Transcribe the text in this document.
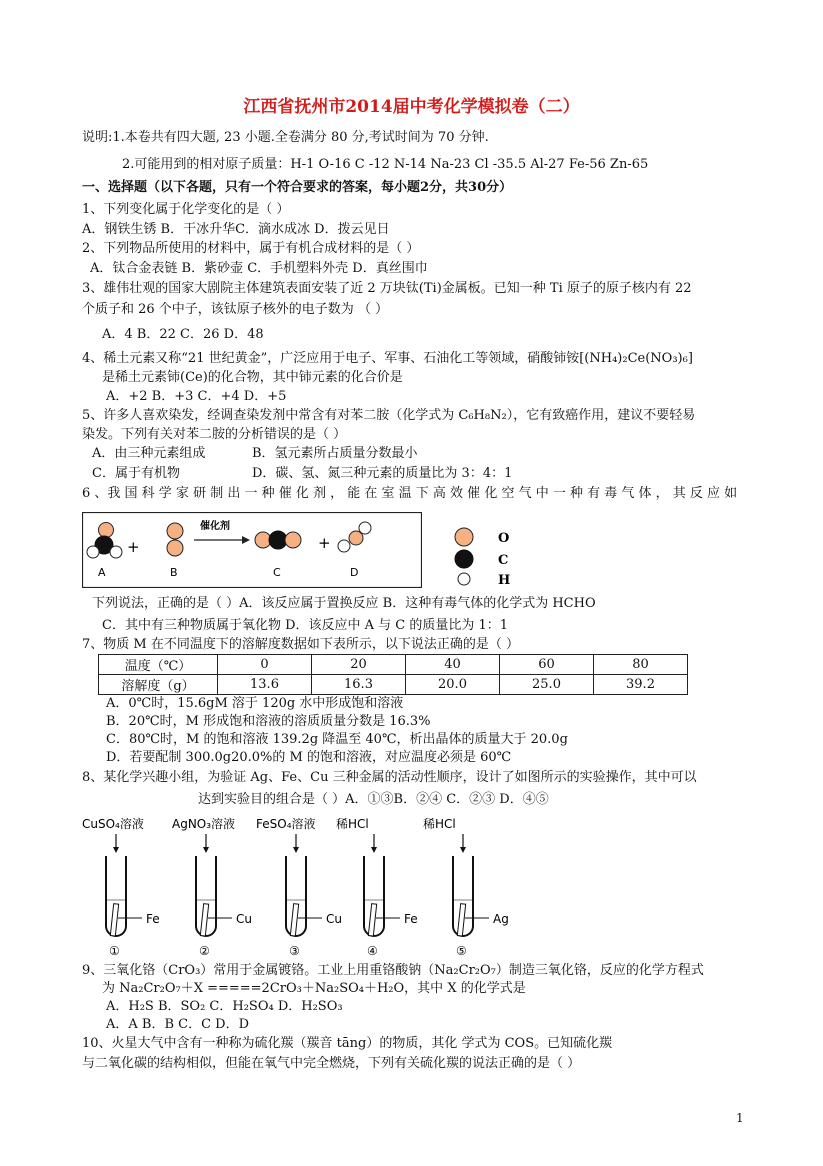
江西省抚州市2014届中考化学模拟卷（二）
说明:1.本卷共有四大题, 23 小题.全卷满分 80 分,考试时间为 70 分钟.
2.可能用到的相对原子质量：H-1 O-16 C -12 N-14 Na-23 Cl -35.5 Al-27 Fe-56 Zn-65
一、选择题（以下各题，只有一个符合要求的答案，每小题2分，共30分）
1、下列变化属于化学变化的是（ ）
A．钢铁生锈 B．干冰升华C．滴水成冰 D．拨云见日
2、下列物品所使用的材料中，属于有机合成材料的是（ ）
A．钛合金表链 B．紫砂壶 C．手机塑料外壳 D．真丝围巾
3、雄伟壮观的国家大剧院主体建筑表面安装了近 2 万块钛(Ti)金属板。已知一种 Ti 原子的原子核内有 22
个质子和 26 个中子，该钛原子核外的电子数为 （ ）
A．4 B．22 C．26 D．48
4、稀土元素又称“21 世纪黄金”，广泛应用于电子、军事、石油化工等领域，硝酸铈铵[(NH₄)₂Ce(NO₃)₆]
是稀土元素铈(Ce)的化合物，其中铈元素的化合价是
A．+2 B．+3 C．+4 D．+5
5、许多人喜欢染发，经调查染发剂中常含有对苯二胺（化学式为 C₆H₈N₂），它有致癌作用，建议不要轻易
染发。下列有关对苯二胺的分析错误的是（ ）
A．由三种元素组成	B．氢元素所占质量分数最小
C．属于有机物	D．碳、氢、氮三种元素的质量比为 3：4：1
6 、我 国 科 学 家 研 制 出 一 种 催 化 剂 ， 能 在 室 温 下 高 效 催 化 空 气 中 一 种 有 毒 气 体 ， 其 反 应 如
+
催化剂
+
A	B	C	D
O
C
H
下列说法，正确的是（ ）A．该反应属于置换反应 B．这种有毒气体的化学式为 HCHO
C．其中有三种物质属于氧化物 D．该反应中 A 与 C 的质量比为 1：1
7、物质 M 在不同温度下的溶解度数据如下表所示，以下说法正确的是（ ）
温度（℃）	0	20	40	60	80
溶解度（g）	13.6	16.3	20.0	25.0	39.2
A．0℃时，15.6gM 溶于 120g 水中形成饱和溶液
B．20℃时，M 形成饱和溶液的溶质质量分数是 16.3%
C．80℃时，M 的饱和溶液 139.2g 降温至 40℃，析出晶体的质量大于 20.0g
D．若要配制 300.0g20.0%的 M 的饱和溶液，对应温度必须是 60℃
8、某化学兴趣小组，为验证 Ag、Fe、Cu 三种金属的活动性顺序，设计了如图所示的实验操作，其中可以
达到实验目的组合是（ ）A．①③B．②④ C．②③ D．④⑤
CuSO₄溶液
Fe
①
AgNO₃溶液
Cu
②
FeSO₄溶液
Cu
③
稀HCl
Fe
④
稀HCl
Ag
⑤
9、三氧化铬（CrO₃）常用于金属镀铬。工业上用重铬酸钠（Na₂Cr₂O₇）制造三氧化铬，反应的化学方程式
为 Na₂Cr₂O₇＋X =====2CrO₃＋Na₂SO₄＋H₂O，其中 X 的化学式是
A．H₂S B．SO₂ C．H₂SO₄ D．H₂SO₃
A．A B．B C．C D．D
10、火星大气中含有一种称为硫化羰（羰音 tāng）的物质，其化 学式为 COS。已知硫化羰
与二氧化碳的结构相似，但能在氧气中完全燃烧，下列有关硫化羰的说法正确的是（ ）
1
